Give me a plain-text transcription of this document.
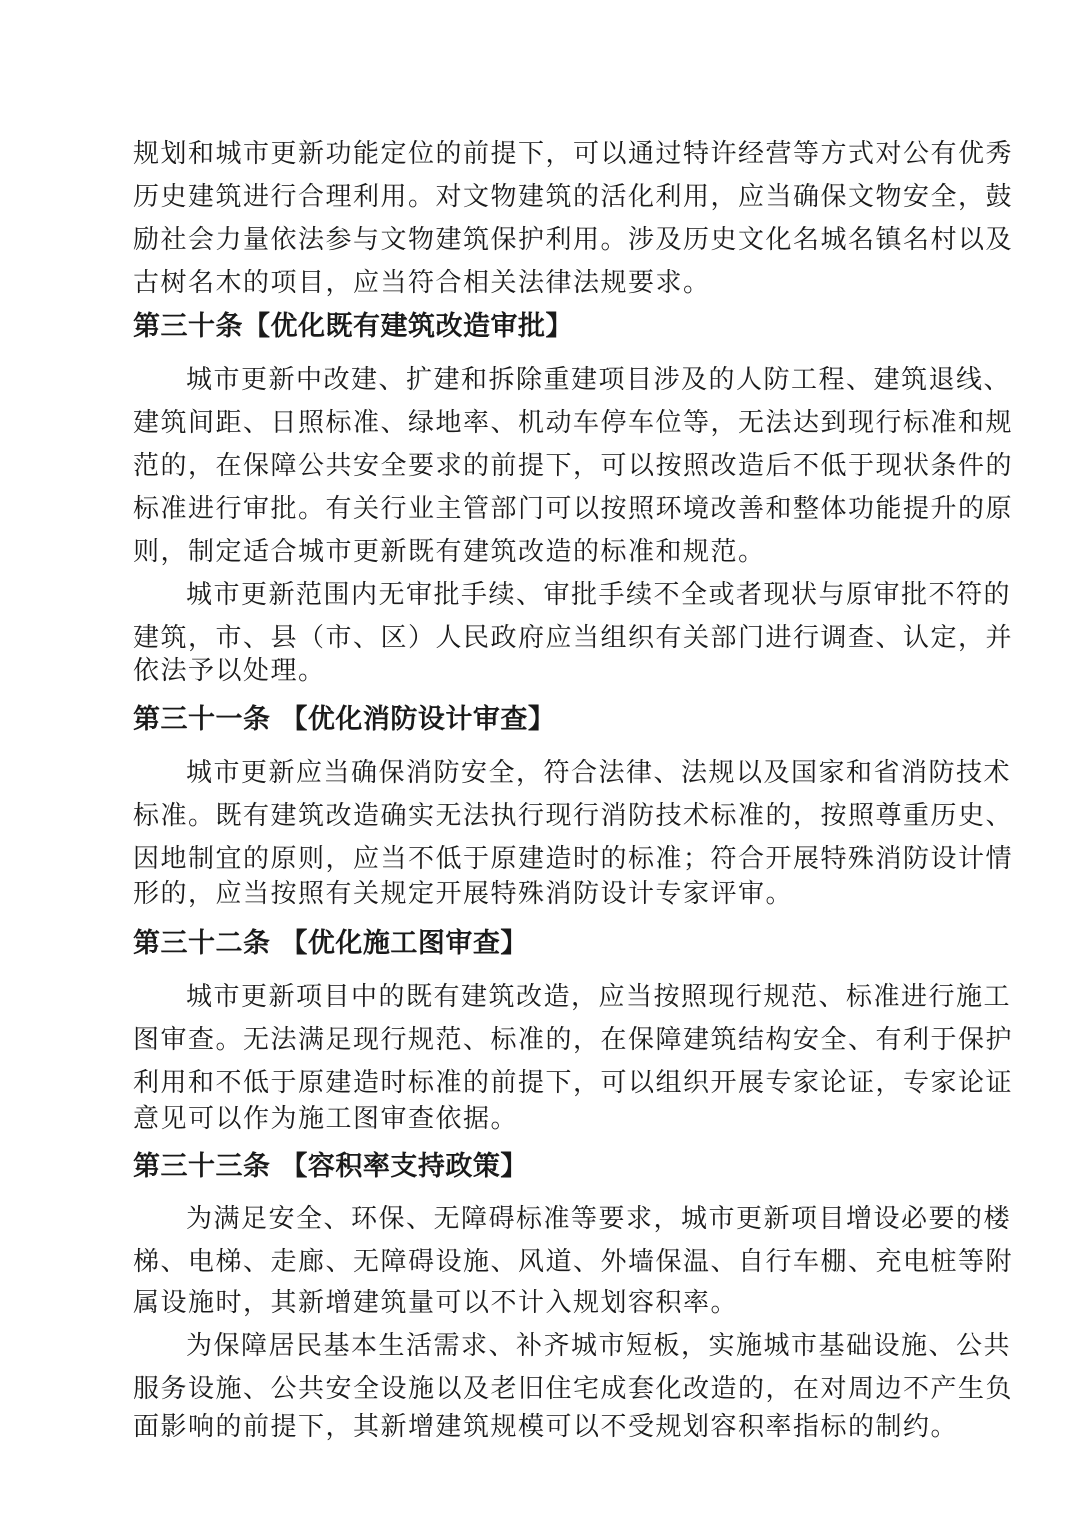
规划和城市更新功能定位的前提下，可以通过特许经营等方式对公有优秀
历史建筑进行合理利用。对文物建筑的活化利用，应当确保文物安全，鼓
励社会力量依法参与文物建筑保护利用。涉及历史文化名城名镇名村以及
古树名木的项目，应当符合相关法律法规要求。
第三十条【优化既有建筑改造审批】
城市更新中改建、扩建和拆除重建项目涉及的人防工程、建筑退线、
建筑间距、日照标准、绿地率、机动车停车位等，无法达到现行标准和规
范的，在保障公共安全要求的前提下，可以按照改造后不低于现状条件的
标准进行审批。有关行业主管部门可以按照环境改善和整体功能提升的原
则，制定适合城市更新既有建筑改造的标准和规范。
城市更新范围内无审批手续、审批手续不全或者现状与原审批不符的
建筑，市、县（市、区）人民政府应当组织有关部门进行调查、认定，并
依法予以处理。
第三十一条 【优化消防设计审查】
城市更新应当确保消防安全，符合法律、法规以及国家和省消防技术
标准。既有建筑改造确实无法执行现行消防技术标准的，按照尊重历史、
因地制宜的原则，应当不低于原建造时的标准；符合开展特殊消防设计情
形的，应当按照有关规定开展特殊消防设计专家评审。
第三十二条 【优化施工图审查】
城市更新项目中的既有建筑改造，应当按照现行规范、标准进行施工
图审查。无法满足现行规范、标准的，在保障建筑结构安全、有利于保护
利用和不低于原建造时标准的前提下，可以组织开展专家论证，专家论证
意见可以作为施工图审查依据。
第三十三条 【容积率支持政策】
为满足安全、环保、无障碍标准等要求，城市更新项目增设必要的楼
梯、电梯、走廊、无障碍设施、风道、外墙保温、自行车棚、充电桩等附
属设施时，其新增建筑量可以不计入规划容积率。
为保障居民基本生活需求、补齐城市短板，实施城市基础设施、公共
服务设施、公共安全设施以及老旧住宅成套化改造的，在对周边不产生负
面影响的前提下，其新增建筑规模可以不受规划容积率指标的制约。
